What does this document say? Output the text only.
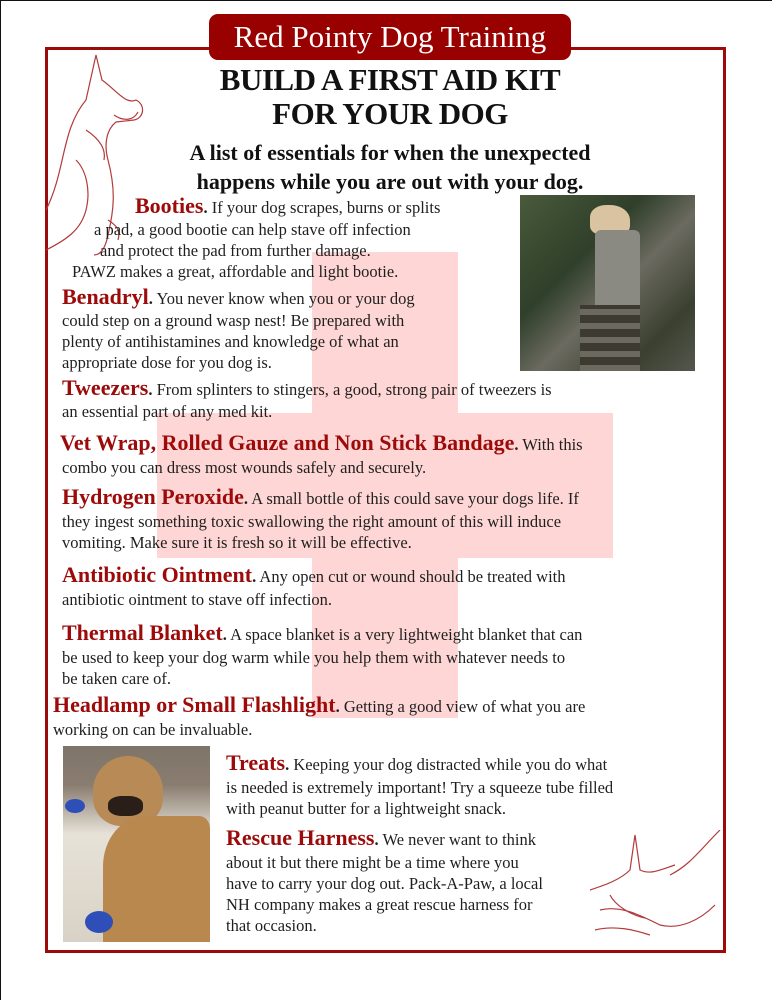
Red Pointy Dog Training
BUILD A FIRST AID KIT
FOR YOUR DOG
A list of essentials for when the unexpected
happens while you are out with your dog.
Booties. If your dog scrapes, burns or splits
a pad, a good bootie can help stave off infection
and protect the pad from further damage.
PAWZ makes a great, affordable and light bootie.
Benadryl. You never know when you or your dog
could step on a ground wasp nest! Be prepared with
plenty of antihistamines and knowledge of what an
appropriate dose for you dog is.
Tweezers. From splinters to stingers, a good, strong pair of tweezers is
an essential part of any med kit.
Vet Wrap, Rolled Gauze and Non Stick Bandage. With this
combo you can dress most wounds safely and securely.
Hydrogen Peroxide. A small bottle of this could save your dogs life. If
they ingest something toxic swallowing the right amount of this will induce
vomiting. Make sure it is fresh so it will be effective.
Antibiotic Ointment. Any open cut or wound should be treated with
antibiotic ointment to stave off infection.
Thermal Blanket. A space blanket is a very lightweight blanket that can
be used to keep your dog warm while you help them with whatever needs to
be taken care of.
Headlamp or Small Flashlight. Getting a good view of what you are
working on can be invaluable.
Treats. Keeping your dog distracted while you do what
is needed is extremely important! Try a squeeze tube filled
with peanut butter for a lightweight snack.
Rescue Harness. We never want to think
about it but there might be a time where you
have to carry your dog out. Pack-A-Paw, a local
NH company makes a great rescue harness for
that occasion.
